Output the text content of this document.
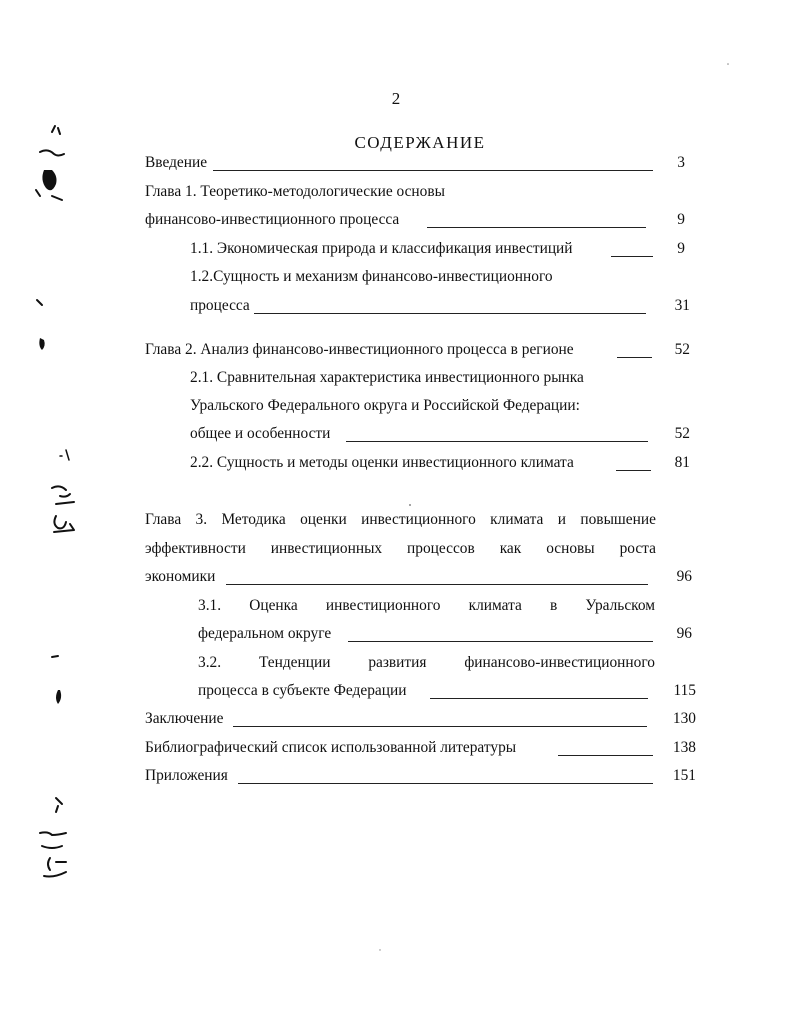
2
СОДЕРЖАНИЕ
Введение	3
Глава 1. Теоретико-методологические основы
финансово-инвестиционного процесса	9
1.1. Экономическая природа и классификация инвестиций	9
1.2.Сущность и механизм финансово-инвестиционного
процесса	31
Глава 2. Анализ финансово-инвестиционного процесса в регионе	52
2.1. Сравнительная характеристика инвестиционного рынка
Уральского Федерального округа и Российской Федерации:
общее и особенности	52
2.2. Сущность и методы оценки инвестиционного климата	81
Глава 3. Методика оценки инвестиционного климата и повышение
эффективности инвестиционных процессов как основы роста
экономики	96
3.1. Оценка инвестиционного климата в Уральском
федеральном округе	96
3.2. Тенденции развития финансово-инвестиционного
процесса в субъекте Федерации	115
Заключение	130
Библиографический список использованной литературы	138
Приложения	151
